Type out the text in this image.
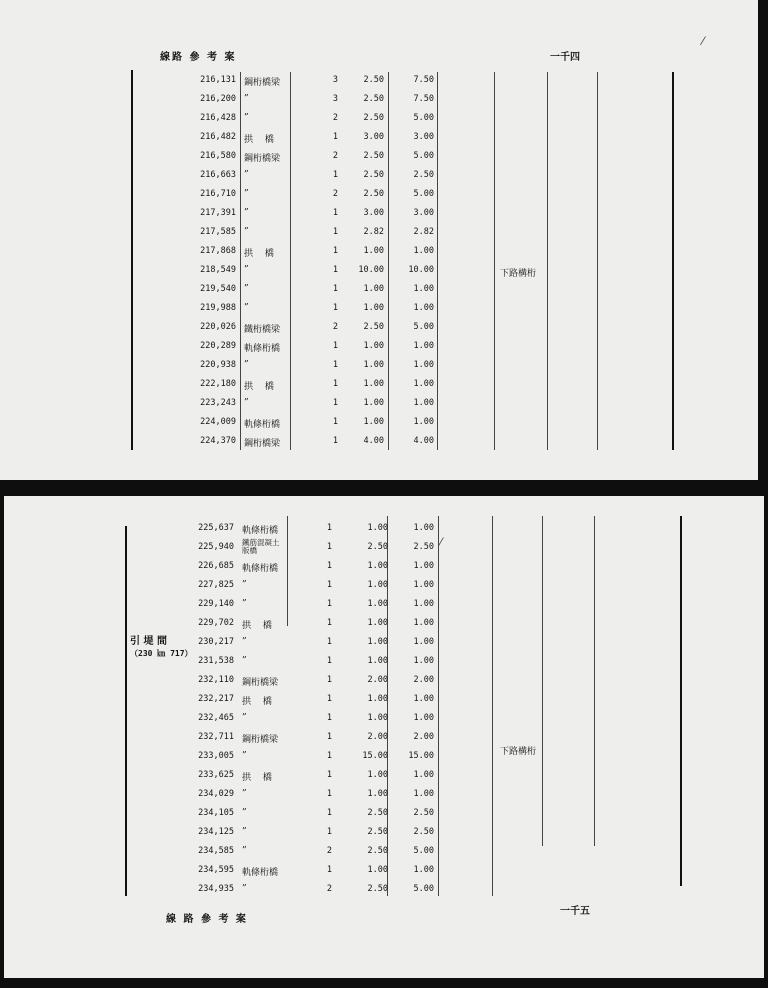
線路 參 考 案	一千四
216,131 鋼桁橋梁	3	2.50	7.50
216,200 ”	3	2.50	7.50
216,428 ”	2	2.50	5.00
216,482 拱　 橋	1	3.00	3.00
216,580 鋼桁橋梁	2	2.50	5.00
216,663 ”	1	2.50	2.50
216,710 ”	2	2.50	5.00
217,391 ”	1	3.00	3.00
217,585 ”	1	2.82	2.82
217,868 拱　 橋	1	1.00	1.00
218,549 ”	1	10.00	10.00
219,540 ”	1	1.00	1.00
219,988 ”	1	1.00	1.00
220,026 鐵桁橋梁	2	2.50	5.00
220,289 軌條桁橋	1	1.00	1.00
220,938 ”	1	1.00	1.00
222,180 拱　 橋	1	1.00	1.00
223,243 ”	1	1.00	1.00
224,009 軌條桁橋	1	1.00	1.00
224,370 鋼桁橋梁	1	4.00	4.00
下路構桁
⁄
引 堤 間
（230 ㎞ 717）
225,637 軌條桁橋	1	1.00	1.00
225,940 鐵筋混凝土版橋	1	2.50	2.50
226,685 軌條桁橋	1	1.00	1.00
227,825 ”	1	1.00	1.00
229,140 ”	1	1.00	1.00
229,702 拱　 橋	1	1.00	1.00
230,217 ”	1	1.00	1.00
231,538 ”	1	1.00	1.00
232,110 鋼桁橋梁	1	2.00	2.00
232,217 拱　 橋	1	1.00	1.00
232,465 ”	1	1.00	1.00
232,711 鋼桁橋梁	1	2.00	2.00
233,005 ”	1	15.00	15.00
233,625 拱　 橋	1	1.00	1.00
234,029 ”	1	1.00	1.00
234,105 ”	1	2.50	2.50
234,125 ”	1	2.50	2.50
234,585 ”	2	2.50	5.00
234,595 軌條桁橋	1	1.00	1.00
234,935 ”	2	2.50	5.00
下路構桁
線 路 參 考 案
一千五
⁄
